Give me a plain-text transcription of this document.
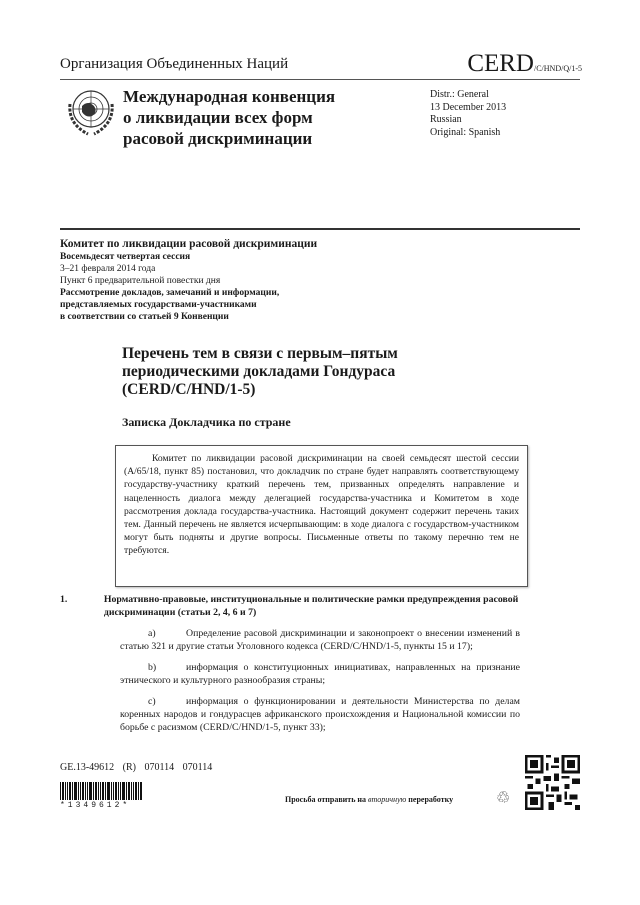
Организация Объединенных Наций	CERD/C/HND/Q/1-5
Международная конвенция
о ликвидации всех форм
расовой дискриминации
Distr.: General
13 December 2013
Russian
Original: Spanish
Комитет по ликвидации расовой дискриминации
Восемьдесят четвертая сессия
3–21 февраля 2014 года
Пункт 6 предварительной повестки дня
Рассмотрение докладов, замечаний и информации,
представляемых государствами-участниками
в соответствии со статьей 9 Конвенции
Перечень тем в связи с первым–пятым
периодическими докладами Гондураса
(CERD/C/HND/1-5)
Записка Докладчика по стране

Комитет по ликвидации расовой дискриминации на своей семьдесят шестой сессии (A/65/18, пункт 85) постановил, что докладчик по стране будет направлять соответствующему государству-участнику краткий перечень тем, призванных определять направление и нацеленность диалога между делегацией государства-участника и Комитетом в ходе рассмотрения доклада государства-участника. Настоящий документ содержит перечень таких тем. Данный перечень не является исчерпывающим: в ходе диалога с государством-участником могут быть подняты и другие вопросы. Письменные ответы по такому перечню тем не требуются.

1.	Нормативно-правовые, институциональные и политические рамки предупреждения расовой дискриминации (статьи 2, 4, 6 и 7)
a)	Определение расовой дискриминации и законопроект о внесении изменений в статью 321 и другие статьи Уголовного кодекса (CERD/C/HND/1-5, пункты 15 и 17);
b)	информация о конституционных инициативах, направленных на признание этнического и культурного разнообразия страны;
c)	информация о функционировании и деятельности Министерства по делам коренных народов и гондурасцев африканского происхождения и Национальной комиссии по борьбе с расизмом (CERD/C/HND/1-5, пункт 33);
GE.13-49612 (R) 070114 070114
*1349612*
Просьба отправить на вторичную переработку	♲
